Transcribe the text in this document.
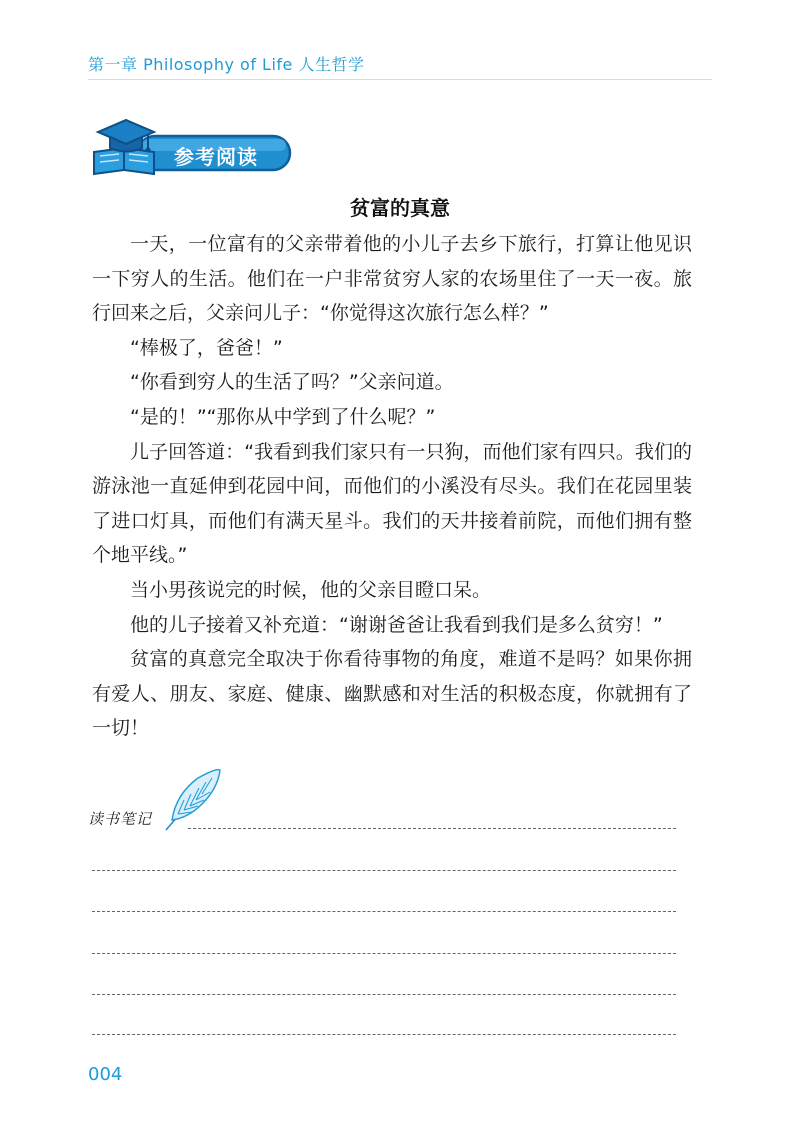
第一章 Philosophy of Life 人生哲学
参考阅读
贫富的真意

一天，一位富有的父亲带着他的小儿子去乡下旅行，打算让他见识一下穷人的生活。他们在一户非常贫穷人家的农场里住了一天一夜。旅行回来之后，父亲问儿子：“你觉得这次旅行怎么样？”

“棒极了，爸爸！”

“你看到穷人的生活了吗？”父亲问道。

“是的！”“那你从中学到了什么呢？”

儿子回答道：“我看到我们家只有一只狗，而他们家有四只。我们的游泳池一直延伸到花园中间，而他们的小溪没有尽头。我们在花园里装了进口灯具，而他们有满天星斗。我们的天井接着前院，而他们拥有整个地平线。”

当小男孩说完的时候，他的父亲目瞪口呆。

他的儿子接着又补充道：“谢谢爸爸让我看到我们是多么贫穷！”

贫富的真意完全取决于你看待事物的角度，难道不是吗？如果你拥有爱人、朋友、家庭、健康、幽默感和对生活的积极态度，你就拥有了一切！

读书笔记
004
